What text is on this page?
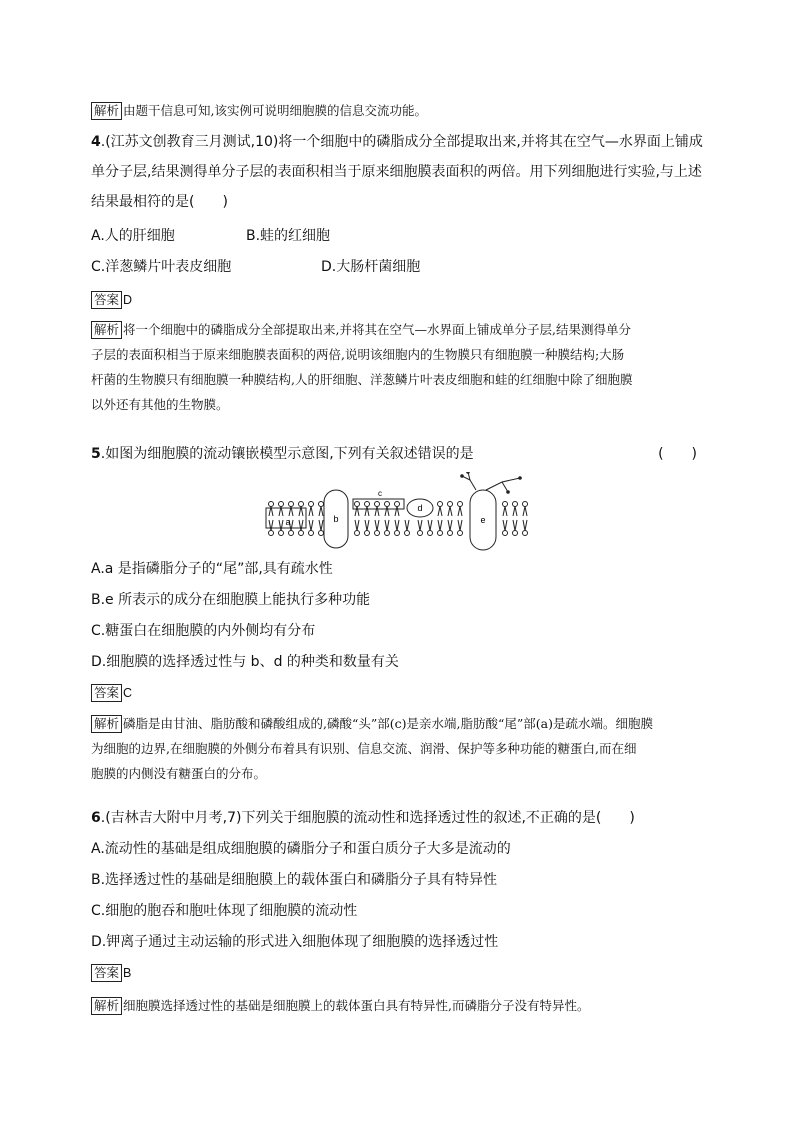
解析 由题干信息可知,该实例可说明细胞膜的信息交流功能。
4.(江苏文创教育三月测试,10)将一个细胞中的磷脂成分全部提取出来,并将其在空气—水界面上铺成
单分子层,结果测得单分子层的表面积相当于原来细胞膜表面积的两倍。用下列细胞进行实验,与上述
结果最相符的是(　　)
A.人的肝细胞	B.蛙的红细胞
C.洋葱鳞片叶表皮细胞	D.大肠杆菌细胞
答案 D
解析 将一个细胞中的磷脂成分全部提取出来,并将其在空气—水界面上铺成单分子层,结果测得单分
子层的表面积相当于原来细胞膜表面积的两倍,说明该细胞内的生物膜只有细胞膜一种膜结构;大肠
杆菌的生物膜只有细胞膜一种膜结构,人的肝细胞、洋葱鳞片叶表皮细胞和蛙的红细胞中除了细胞膜
以外还有其他的生物膜。
5.如图为细胞膜的流动镶嵌模型示意图,下列有关叙述错误的是	(　　)
a	b
c
d
e
A.a 是指磷脂分子的“尾”部,具有疏水性
B.e 所表示的成分在细胞膜上能执行多种功能
C.糖蛋白在细胞膜的内外侧均有分布
D.细胞膜的选择透过性与 b、d 的种类和数量有关
答案 C
解析 磷脂是由甘油、脂肪酸和磷酸组成的,磷酸“头”部(c)是亲水端,脂肪酸“尾”部(a)是疏水端。细胞膜
为细胞的边界,在细胞膜的外侧分布着具有识别、信息交流、润滑、保护等多种功能的糖蛋白,而在细
胞膜的内侧没有糖蛋白的分布。
6.(吉林吉大附中月考,7)下列关于细胞膜的流动性和选择透过性的叙述,不正确的是(　　)
A.流动性的基础是组成细胞膜的磷脂分子和蛋白质分子大多是流动的
B.选择透过性的基础是细胞膜上的载体蛋白和磷脂分子具有特异性
C.细胞的胞吞和胞吐体现了细胞膜的流动性
D.钾离子通过主动运输的形式进入细胞体现了细胞膜的选择透过性
答案 B
解析 细胞膜选择透过性的基础是细胞膜上的载体蛋白具有特异性,而磷脂分子没有特异性。
